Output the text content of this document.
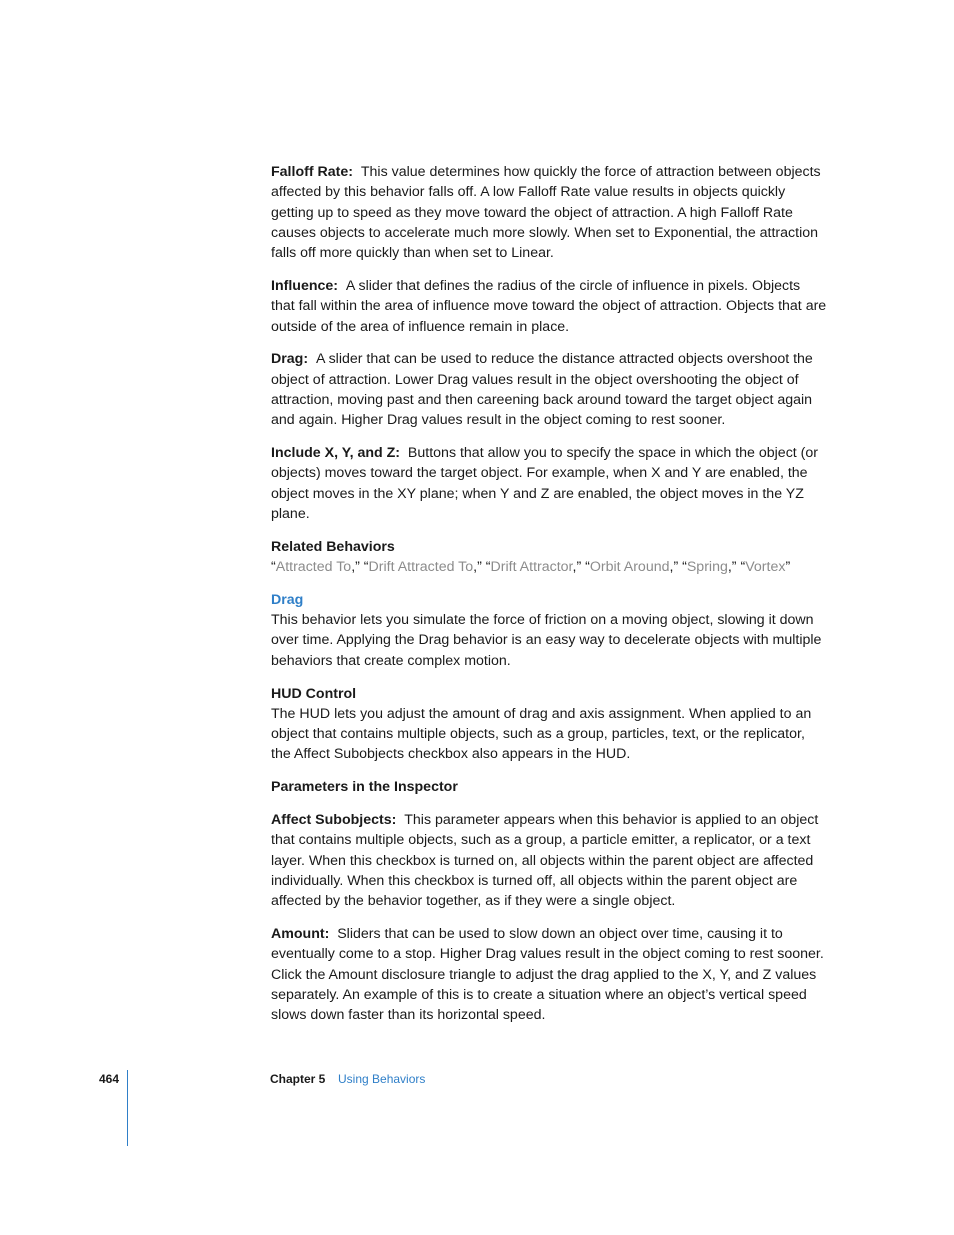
Falloff Rate: This value determines how quickly the force of attraction between objects affected by this behavior falls off. A low Falloff Rate value results in objects quickly getting up to speed as they move toward the object of attraction. A high Falloff Rate causes objects to accelerate much more slowly. When set to Exponential, the attraction falls off more quickly than when set to Linear.

Influence: A slider that defines the radius of the circle of influence in pixels. Objects that fall within the area of influence move toward the object of attraction. Objects that are outside of the area of influence remain in place.

Drag: A slider that can be used to reduce the distance attracted objects overshoot the object of attraction. Lower Drag values result in the object overshooting the object of attraction, moving past and then careening back around toward the target object again and again. Higher Drag values result in the object coming to rest sooner.

Include X, Y, and Z: Buttons that allow you to specify the space in which the object (or objects) moves toward the target object. For example, when X and Y are enabled, the object moves in the XY plane; when Y and Z are enabled, the object moves in the YZ plane.

Related Behaviors

“Attracted To,” “Drift Attracted To,” “Drift Attractor,” “Orbit Around,” “Spring,” “Vortex”

Drag

This behavior lets you simulate the force of friction on a moving object, slowing it down over time. Applying the Drag behavior is an easy way to decelerate objects with multiple behaviors that create complex motion.

HUD Control

The HUD lets you adjust the amount of drag and axis assignment. When applied to an object that contains multiple objects, such as a group, particles, text, or the replicator, the Affect Subobjects checkbox also appears in the HUD.

Parameters in the Inspector

Affect Subobjects: This parameter appears when this behavior is applied to an object that contains multiple objects, such as a group, a particle emitter, a replicator, or a text layer. When this checkbox is turned on, all objects within the parent object are affected individually. When this checkbox is turned off, all objects within the parent object are affected by the behavior together, as if they were a single object.

Amount: Sliders that can be used to slow down an object over time, causing it to eventually come to a stop. Higher Drag values result in the object coming to rest sooner. Click the Amount disclosure triangle to adjust the drag applied to the X, Y, and Z values separately. An example of this is to create a situation where an object’s vertical speed slows down faster than its horizontal speed.

464	Chapter 5 Using Behaviors
